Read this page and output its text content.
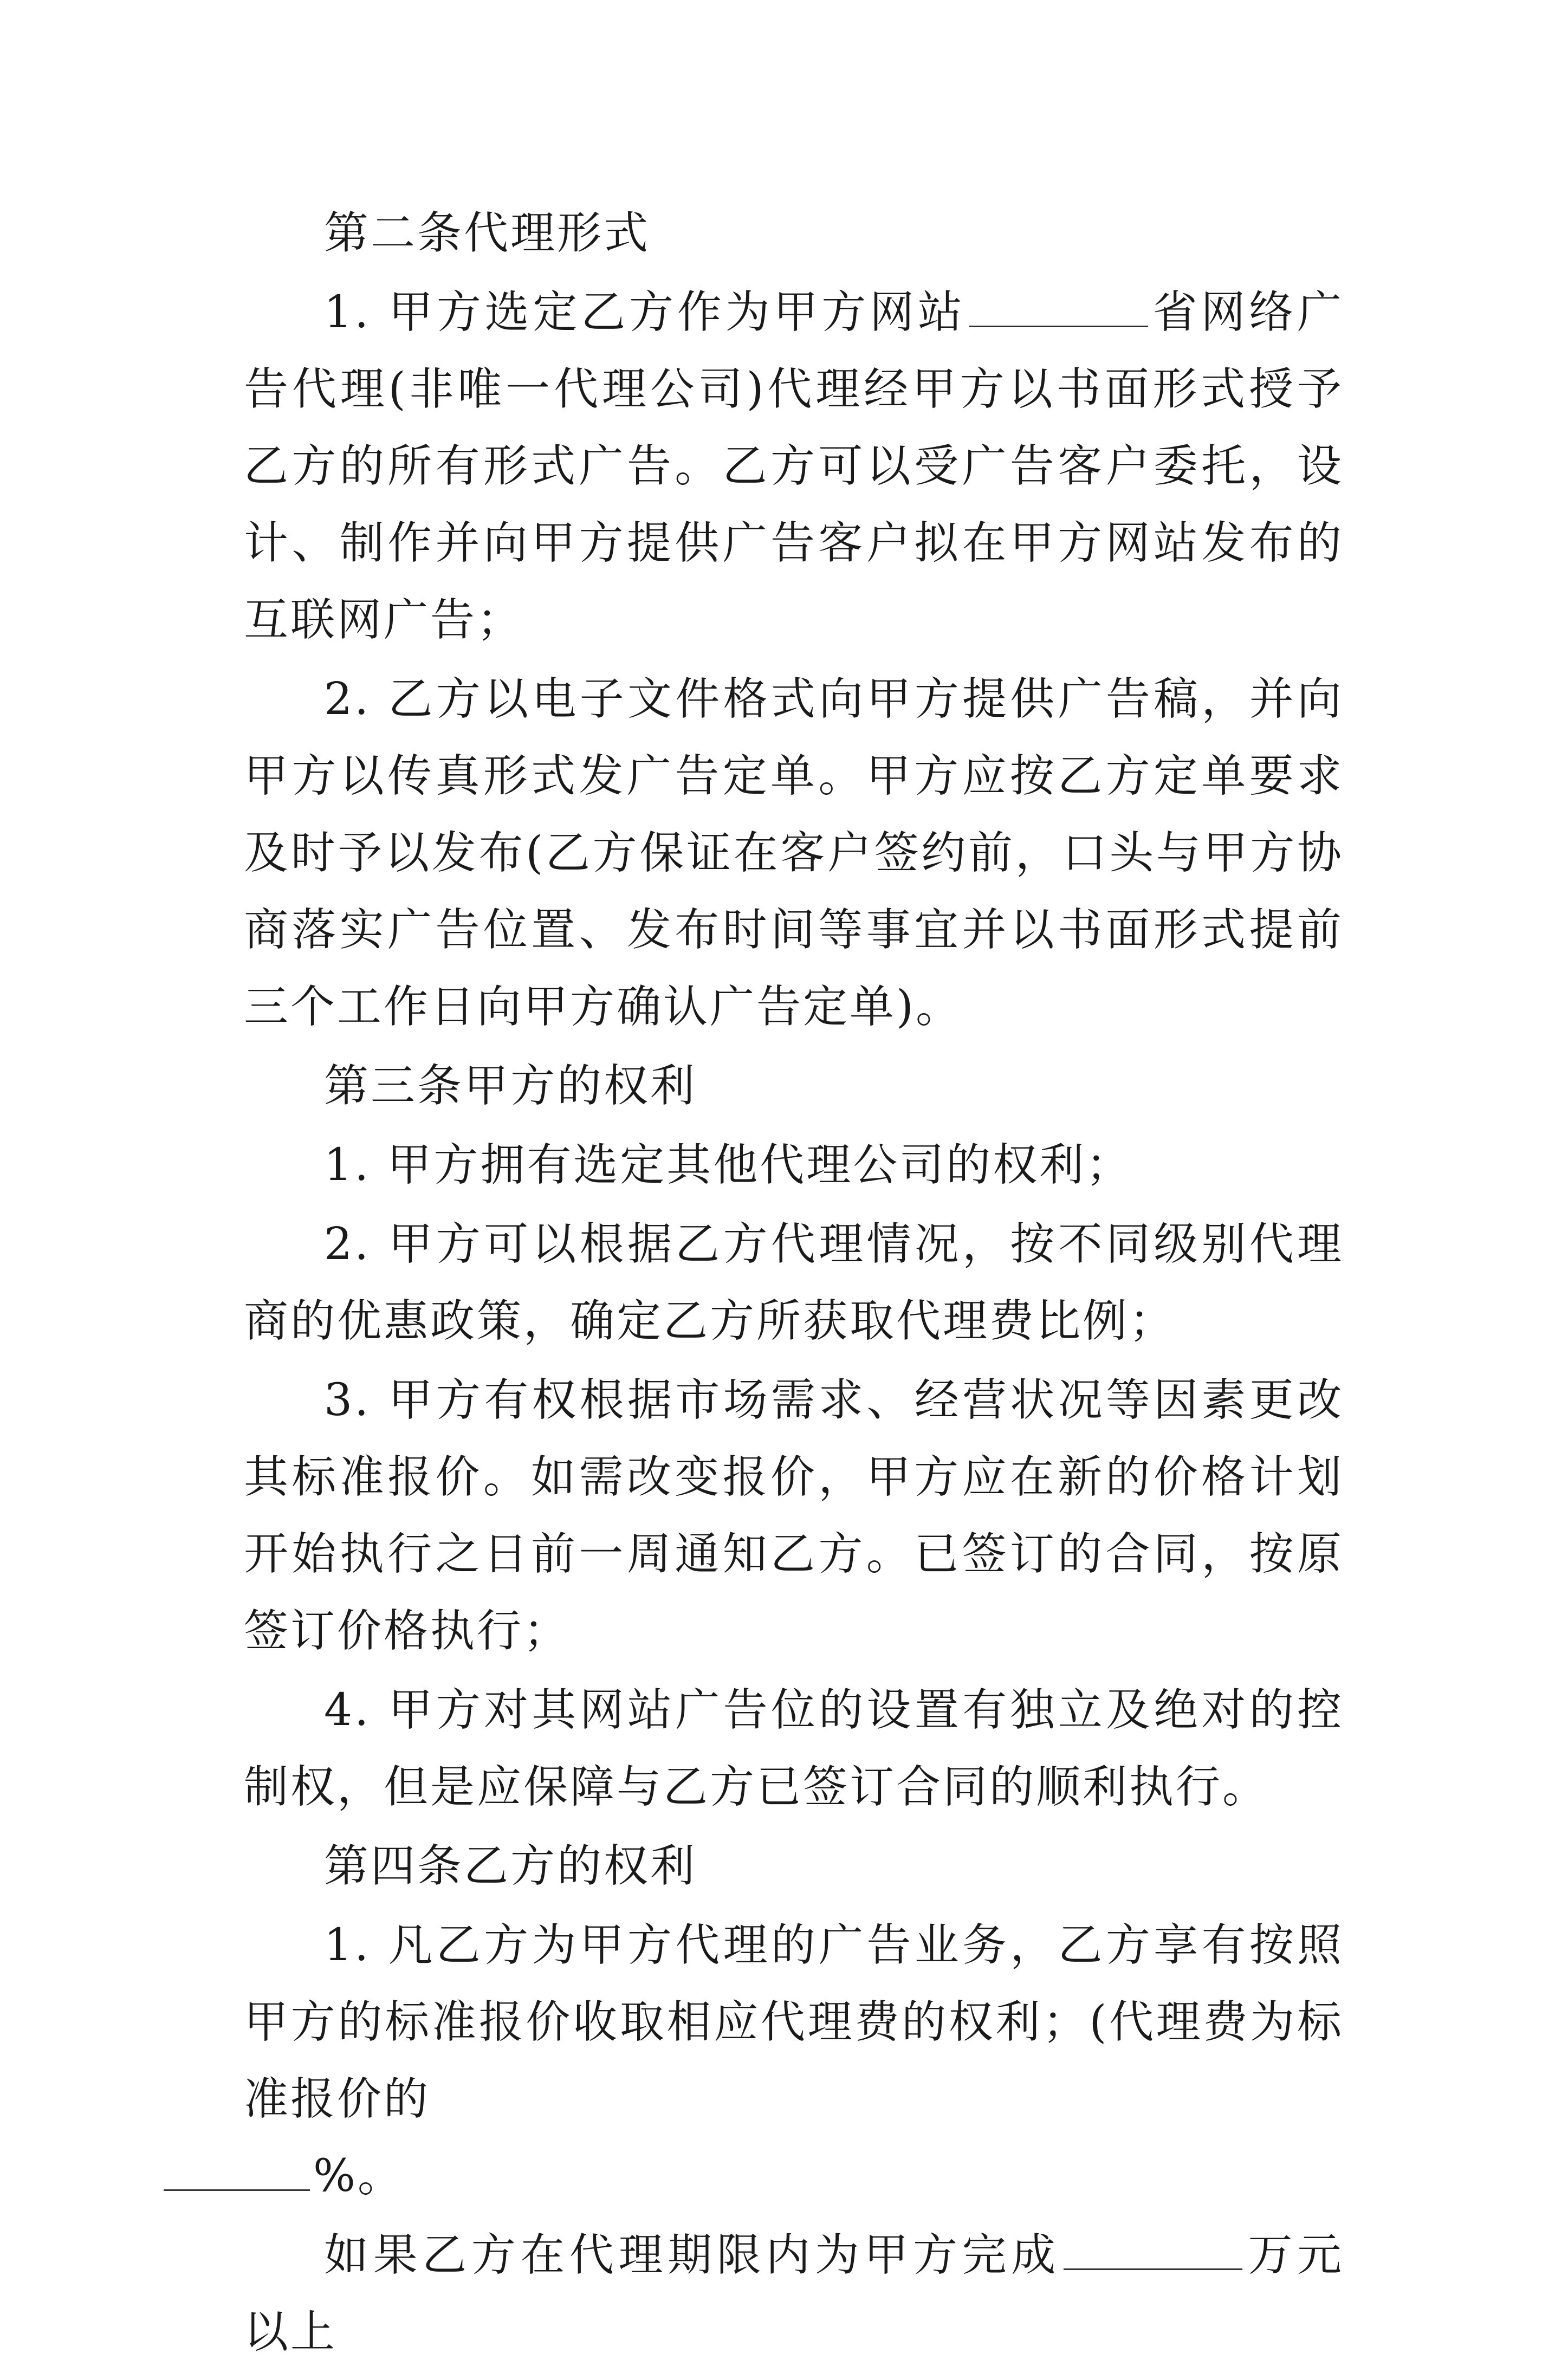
第二条代理形式

1. 甲方选定乙方作为甲方网站	省网络广告代理(非唯一代理公司)代理经甲方以书面形式授予乙方的所有形式广告。乙方可以受广告客户委托，设计、制作并向甲方提供广告客户拟在甲方网站发布的互联网广告；

2. 乙方以电子文件格式向甲方提供广告稿，并向甲方以传真形式发广告定单。甲方应按乙方定单要求及时予以发布(乙方保证在客户签约前，口头与甲方协商落实广告位置、发布时间等事宜并以书面形式提前三个工作日向甲方确认广告定单)。

第三条甲方的权利

1. 甲方拥有选定其他代理公司的权利；

2. 甲方可以根据乙方代理情况，按不同级别代理商的优惠政策，确定乙方所获取代理费比例；

3. 甲方有权根据市场需求、经营状况等因素更改其标准报价。如需改变报价，甲方应在新的价格计划开始执行之日前一周通知乙方。已签订的合同，按原签订价格执行；

4. 甲方对其网站广告位的设置有独立及绝对的控制权，但是应保障与乙方已签订合同的顺利执行。

第四条乙方的权利

1. 凡乙方为甲方代理的广告业务，乙方享有按照甲方的标准报价收取相应代理费的权利；(代理费为标准报价的
%。

如果乙方在代理期限内为甲方完成	万元以上
